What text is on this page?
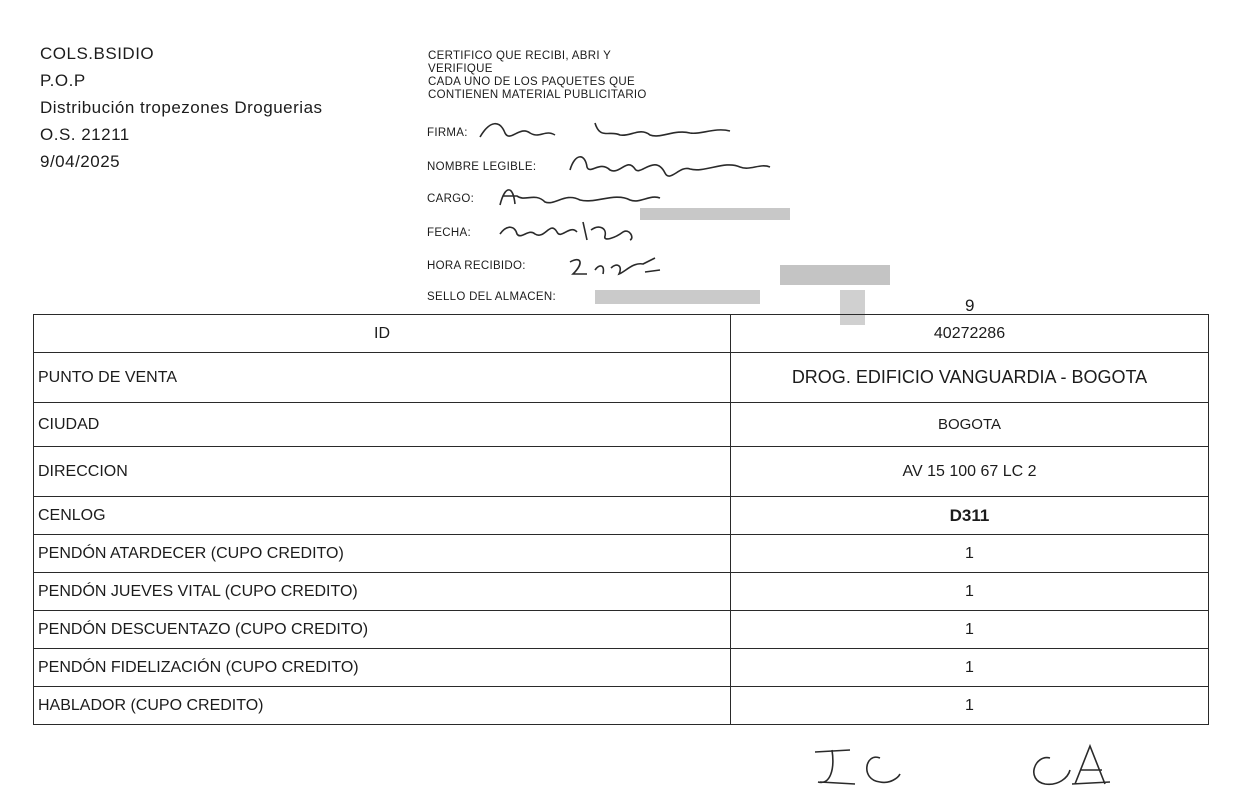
COLS.BSIDIO
P.O.P
Distribución tropezones Droguerias
O.S. 21211
9/04/2025
CERTIFICO QUE RECIBI, ABRI Y
VERIFIQUE
CADA UNO DE LOS PAQUETES QUE
CONTIENEN MATERIAL PUBLICITARIO
FIRMA:
NOMBRE LEGIBLE:
CARGO:
FECHA:
HORA RECIBIDO:
SELLO DEL ALMACEN:	9
ID	40272286
PUNTO DE VENTA	DROG. EDIFICIO VANGUARDIA - BOGOTA
CIUDAD	BOGOTA
DIRECCION	AV 15 100 67 LC 2
CENLOG	D311
PENDÓN ATARDECER (CUPO CREDITO)	1
PENDÓN JUEVES VITAL (CUPO CREDITO)	1
PENDÓN DESCUENTAZO (CUPO CREDITO)	1
PENDÓN FIDELIZACIÓN (CUPO CREDITO)	1
HABLADOR (CUPO CREDITO)	1
